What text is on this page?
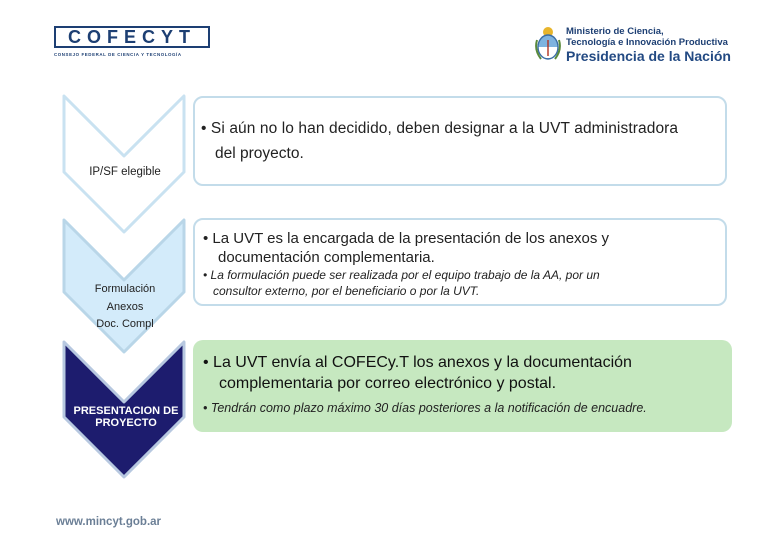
COFECYT
CONSEJO FEDERAL DE CIENCIA Y TECNOLOGÍA
Ministerio de Ciencia,
Tecnología e Innovación Productiva
Presidencia de la Nación
IP/SF elegible
Formulación
Anexos
Doc. Compl
PRESENTACION DE
PROYECTO
• Si aún no lo han decidido, deben designar a la UVT administradora
del proyecto.
• La UVT es la encargada de la presentación de los anexos y
documentación complementaria.
• La formulación puede ser realizada por el equipo trabajo de la AA, por un
consultor externo, por el beneficiario o por la UVT.
• La UVT envía al COFECy.T los anexos y la documentación
complementaria por correo electrónico y postal.
• Tendrán como plazo máximo 30 días posteriores a la notificación de encuadre.
www.mincyt.gob.ar
